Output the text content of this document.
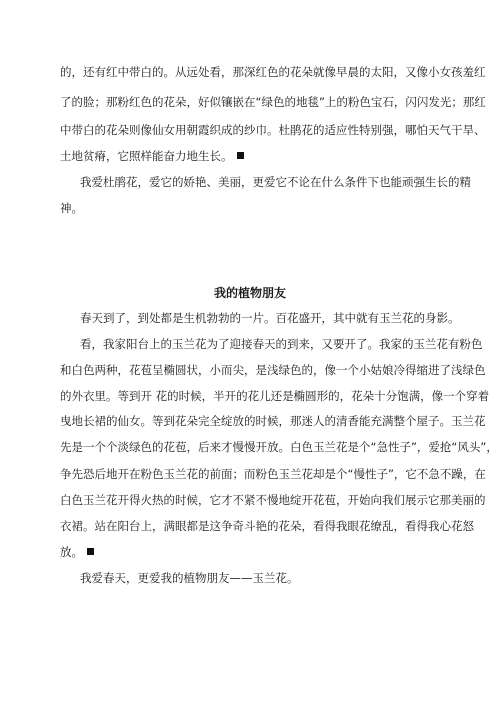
的，还有红中带白的。从远处看，那深红色的花朵就像早晨的太阳，又像小女孩羞红
了的脸；那粉红色的花朵，好似镶嵌在“绿色的地毯”上的粉色宝石，闪闪发光；那红
中带白的花朵则像仙女用朝霞织成的纱巾。杜鹃花的适应性特别强，哪怕天气干旱、
土地贫瘠，它照样能奋力地生长。
我爱杜鹃花，爱它的娇艳、美丽，更爱它不论在什么条件下也能顽强生长的精
神。
我的植物朋友
春天到了，到处都是生机勃勃的一片。百花盛开，其中就有玉兰花的身影。
看，我家阳台上的玉兰花为了迎接春天的到来，又要开了。我家的玉兰花有粉色
和白色两种，花苞呈椭圆状，小而尖，是浅绿色的，像一个小姑娘冷得缩进了浅绿色
的外衣里。等到开 花的时候，半开的花儿还是椭圆形的，花朵十分饱满，像一个穿着
曳地长裙的仙女。等到花朵完全绽放的时候，那迷人的清香能充满整个屋子。玉兰花
先是一个个淡绿色的花苞，后来才慢慢开放。白色玉兰花是个“急性子”，爱抢“风头”，
争先恐后地开在粉色玉兰花的前面；而粉色玉兰花却是个“慢性子”，它不急不躁，在
白色玉兰花开得火热的时候，它才不紧不慢地绽开花苞，开始向我们展示它那美丽的
衣裙。站在阳台上，满眼都是这争奇斗艳的花朵，看得我眼花缭乱，看得我心花怒
放。
我爱春天，更爱我的植物朋友——玉兰花。
